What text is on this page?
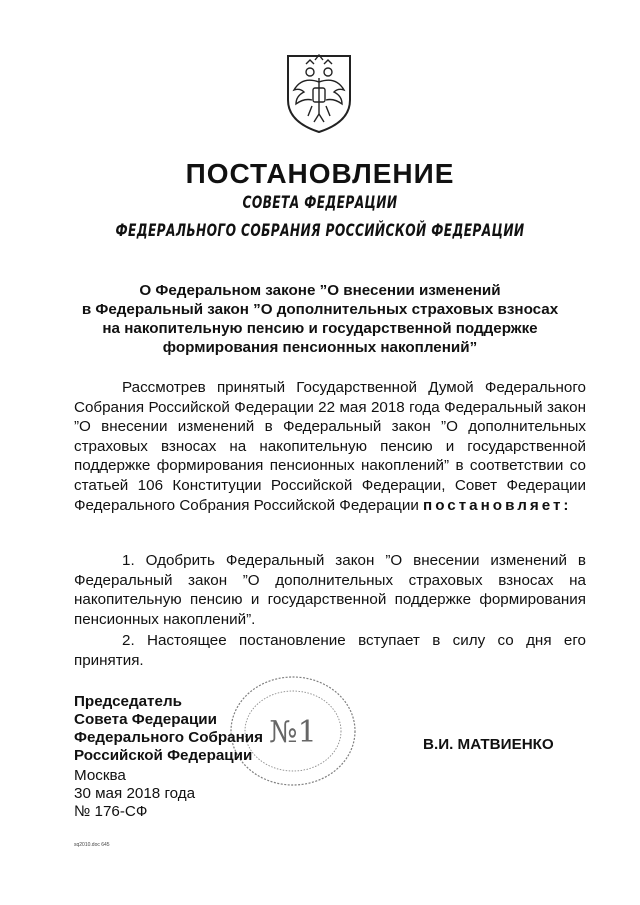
ПОСТАНОВЛЕНИЕ
СОВЕТА ФЕДЕРАЦИИ
ФЕДЕРАЛЬНОГО СОБРАНИЯ РОССИЙСКОЙ ФЕДЕРАЦИИ
О Федеральном законе ”О внесении изменений
в Федеральный закон ”О дополнительных страховых взносах
на накопительную пенсию и государственной поддержке
формирования пенсионных накоплений”
Рассмотрев принятый Государственной Думой Федерального Собрания Российской Федерации 22 мая 2018 года Федеральный закон ”О внесении изменений в Федеральный закон ”О дополнительных страховых взносах на накопительную пенсию и государственной поддержке формирования пенсионных накоплений” в соответствии со статьей 106 Конституции Российской Федерации, Совет Федерации Федерального Собрания Российской Федерации постановляет:
1. Одобрить Федеральный закон ”О внесении изменений в Федеральный закон ”О дополнительных страховых взносах на накопительную пенсию и государственной поддержке формирования пенсионных накоплений”.
2. Настоящее постановление вступает в силу со дня его принятия.
№1
Председатель
Совета Федерации
Федерального Собрания
Российской Федерации
В.И. МАТВИЕНКО
Москва
30 мая 2018 года
№ 176-СФ
sq2010.doc 645
